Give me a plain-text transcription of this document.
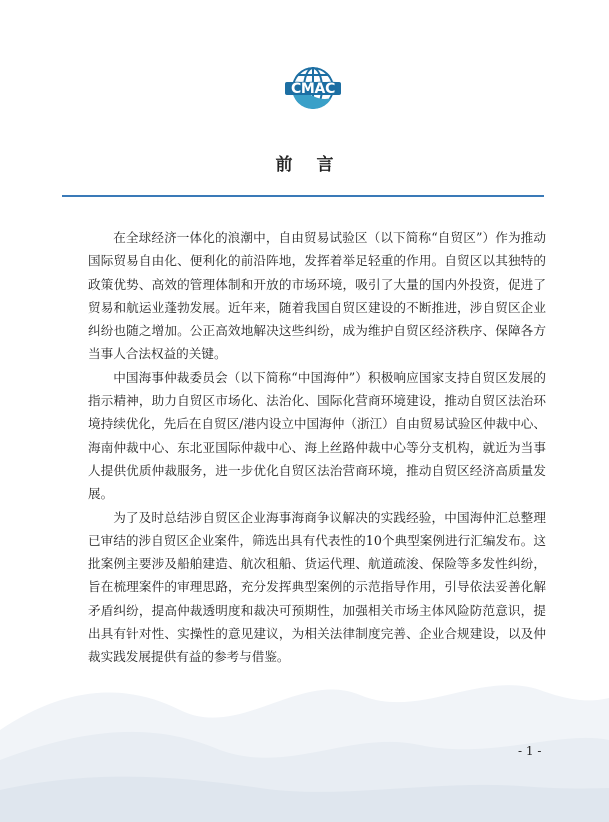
CMAC
前言

在全球经济一体化的浪潮中，自由贸易试验区（以下简称“自贸区”）作为推动国际贸易自由化、便利化的前沿阵地，发挥着举足轻重的作用。自贸区以其独特的政策优势、高效的管理体制和开放的市场环境，吸引了大量的国内外投资，促进了贸易和航运业蓬勃发展。近年来，随着我国自贸区建设的不断推进，涉自贸区企业纠纷也随之增加。公正高效地解决这些纠纷，成为维护自贸区经济秩序、保障各方当事人合法权益的关键。

中国海事仲裁委员会（以下简称“中国海仲”）积极响应国家支持自贸区发展的指示精神，助力自贸区市场化、法治化、国际化营商环境建设，推动自贸区法治环境持续优化，先后在自贸区/港内设立中国海仲（浙江）自由贸易试验区仲裁中心、海南仲裁中心、东北亚国际仲裁中心、海上丝路仲裁中心等分支机构，就近为当事人提供优质仲裁服务，进一步优化自贸区法治营商环境，推动自贸区经济高质量发展。

为了及时总结涉自贸区企业海事海商争议解决的实践经验，中国海仲汇总整理已审结的涉自贸区企业案件，筛选出具有代表性的10个典型案例进行汇编发布。这批案例主要涉及船舶建造、航次租船、货运代理、航道疏浚、保险等多发性纠纷，旨在梳理案件的审理思路，充分发挥典型案例的示范指导作用，引导依法妥善化解矛盾纠纷，提高仲裁透明度和裁决可预期性，加强相关市场主体风险防范意识，提出具有针对性、实操性的意见建议，为相关法律制度完善、企业合规建设，以及仲裁实践发展提供有益的参考与借鉴。

- 1 -
